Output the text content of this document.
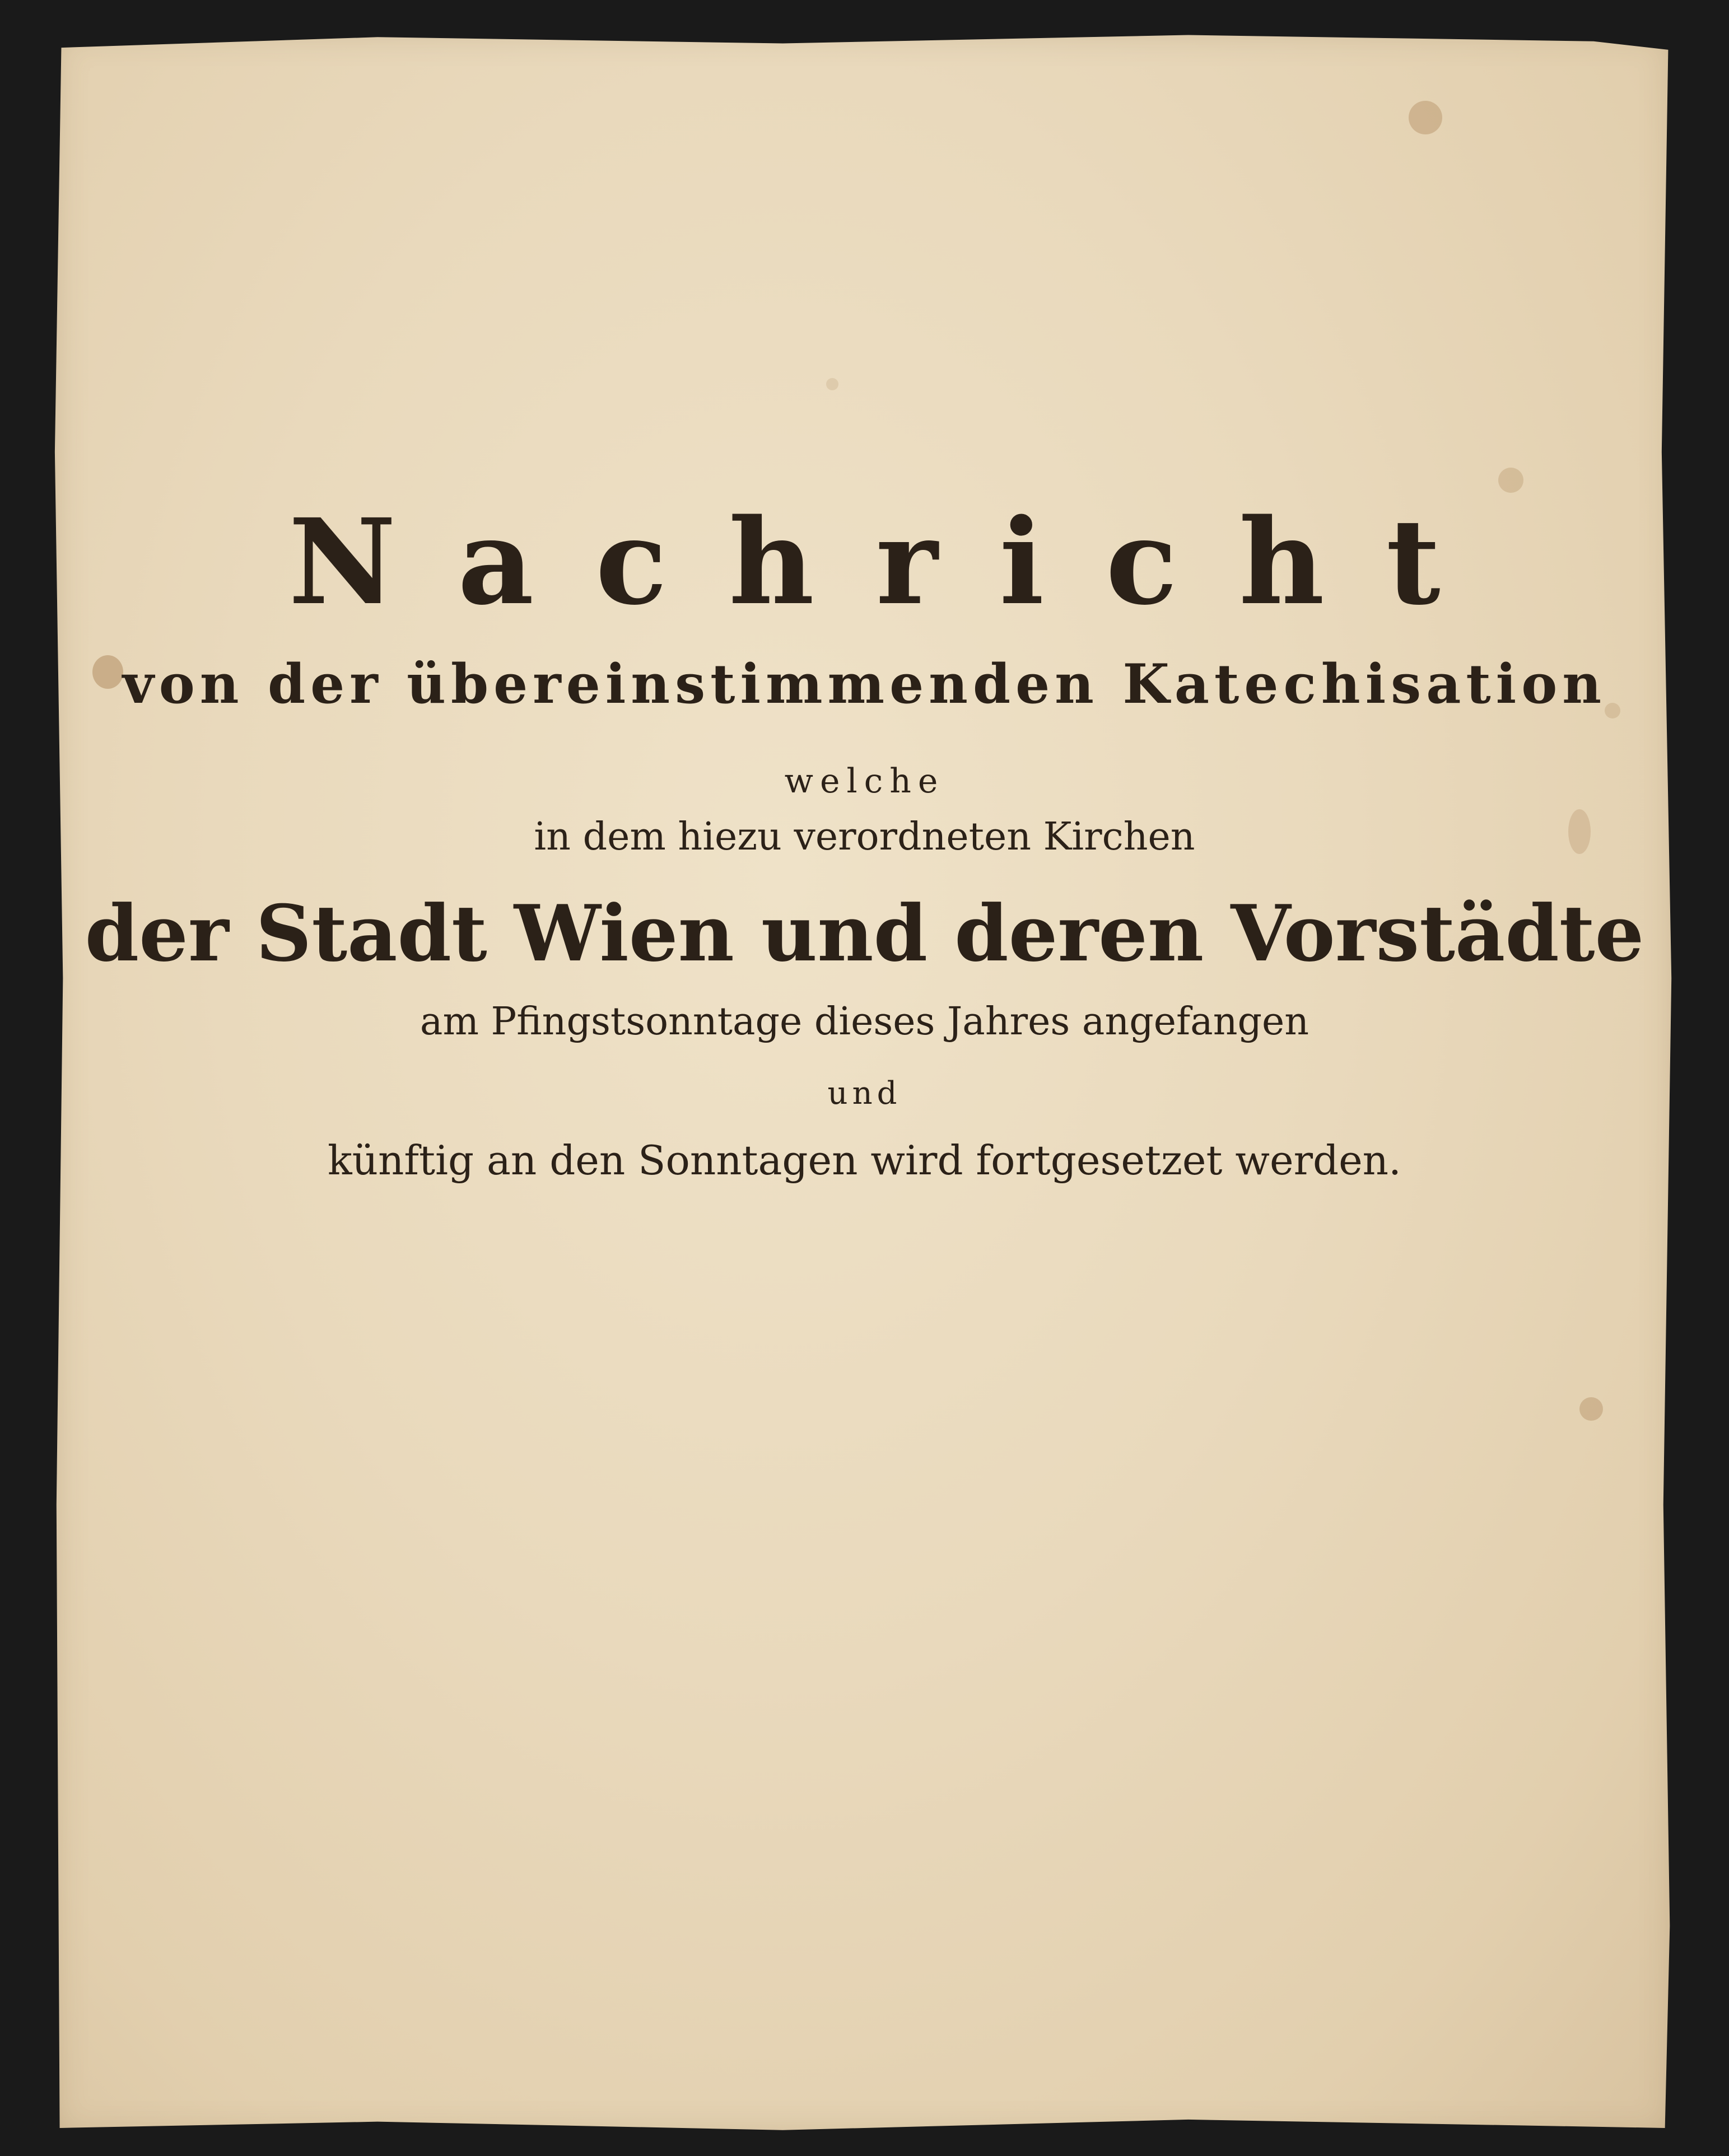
Nachricht
von der übereinstimmenden Katechisation
welche
in dem hiezu verordneten Kirchen
der Stadt Wien und deren Vorstädte
am Pfingstsonntage dieses Jahres angefangen
und
künftig an den Sonntagen wird fortgesetzet werden.
